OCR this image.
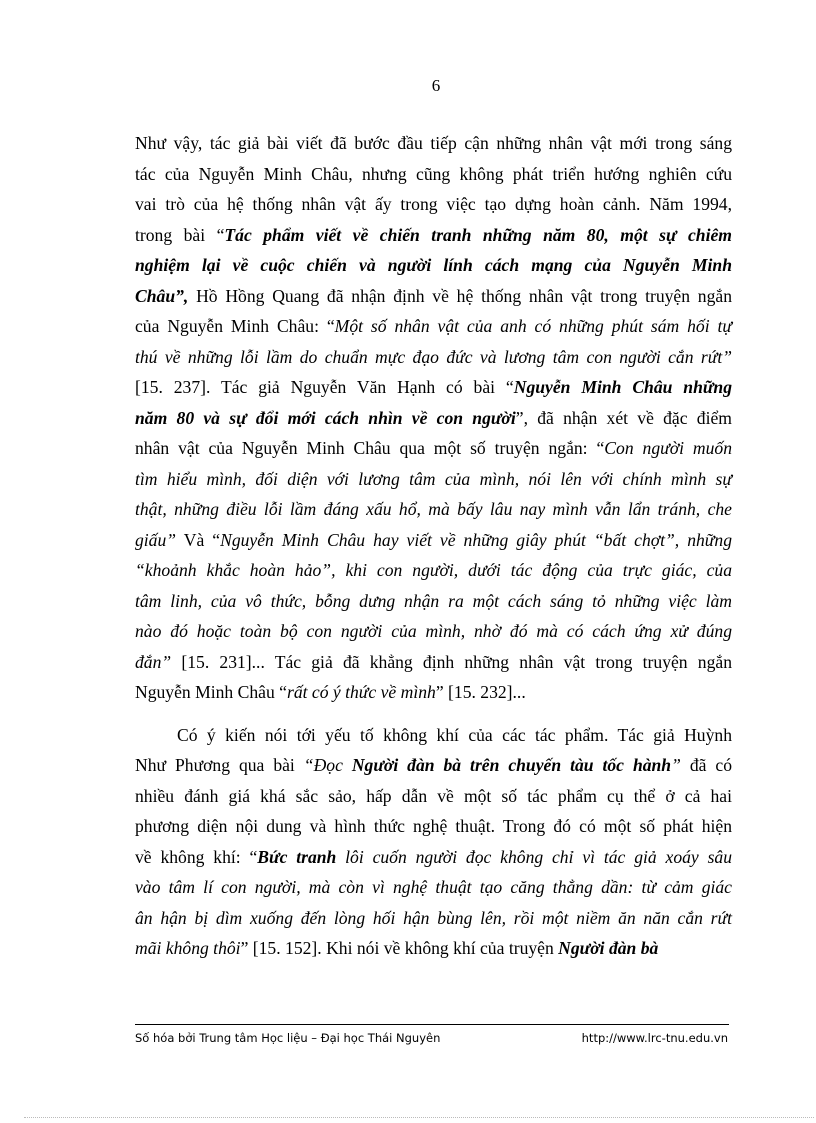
6
Như vậy, tác giả bài viết đã bước đầu tiếp cận những nhân vật mới trong sáng
tác của Nguyễn Minh Châu, nhưng cũng không phát triển hướng nghiên cứu
vai trò của hệ thống nhân vật ấy trong việc tạo dựng hoàn cảnh. Năm 1994,
trong bài “Tác phẩm viết về chiến tranh những năm 80, một sự chiêm
nghiệm lại về cuộc chiến và người lính cách mạng của Nguyễn Minh
Châu”, Hồ Hồng Quang đã nhận định về hệ thống nhân vật trong truyện ngắn
của Nguyễn Minh Châu: “Một số nhân vật của anh có những phút sám hối tự
thú về những lỗi lầm do chuẩn mực đạo đức và lương tâm con người cắn rứt”
[15. 237]. Tác giả Nguyễn Văn Hạnh có bài “Nguyễn Minh Châu những
năm 80 và sự đổi mới cách nhìn về con người”, đã nhận xét về đặc điểm
nhân vật của Nguyễn Minh Châu qua một số truyện ngắn: “Con người muốn
tìm hiểu mình, đối diện với lương tâm của mình, nói lên với chính mình sự
thật, những điều lỗi lầm đáng xấu hổ, mà bấy lâu nay mình vẫn lẩn tránh, che
giấu” Và “Nguyễn Minh Châu hay viết về những giây phút “bất chợt”, những
“khoảnh khắc hoàn hảo”, khi con người, dưới tác động của trực giác, của
tâm linh, của vô thức, bỗng dưng nhận ra một cách sáng tỏ những việc làm
nào đó hoặc toàn bộ con người của mình, nhờ đó mà có cách ứng xử đúng
đắn” [15. 231]... Tác giả đã khẳng định những nhân vật trong truyện ngắn
Nguyễn Minh Châu “rất có ý thức về mình” [15. 232]...
Có ý kiến nói tới yếu tố không khí của các tác phẩm. Tác giả Huỳnh
Như Phương qua bài “Đọc Người đàn bà trên chuyến tàu tốc hành” đã có
nhiều đánh giá khá sắc sảo, hấp dẫn về một số tác phẩm cụ thể ở cả hai
phương diện nội dung và hình thức nghệ thuật. Trong đó có một số phát hiện
về không khí: “Bức tranh lôi cuốn người đọc không chỉ vì tác giả xoáy sâu
vào tâm lí con người, mà còn vì nghệ thuật tạo căng thẳng dần: từ cảm giác
ân hận bị dìm xuống đến lòng hối hận bùng lên, rồi một niềm ăn năn cắn rứt
mãi không thôi” [15. 152]. Khi nói về không khí của truyện Người đàn bà
Số hóa bởi Trung tâm Học liệu – Đại học Thái Nguyên	http://www.lrc-tnu.edu.vn
